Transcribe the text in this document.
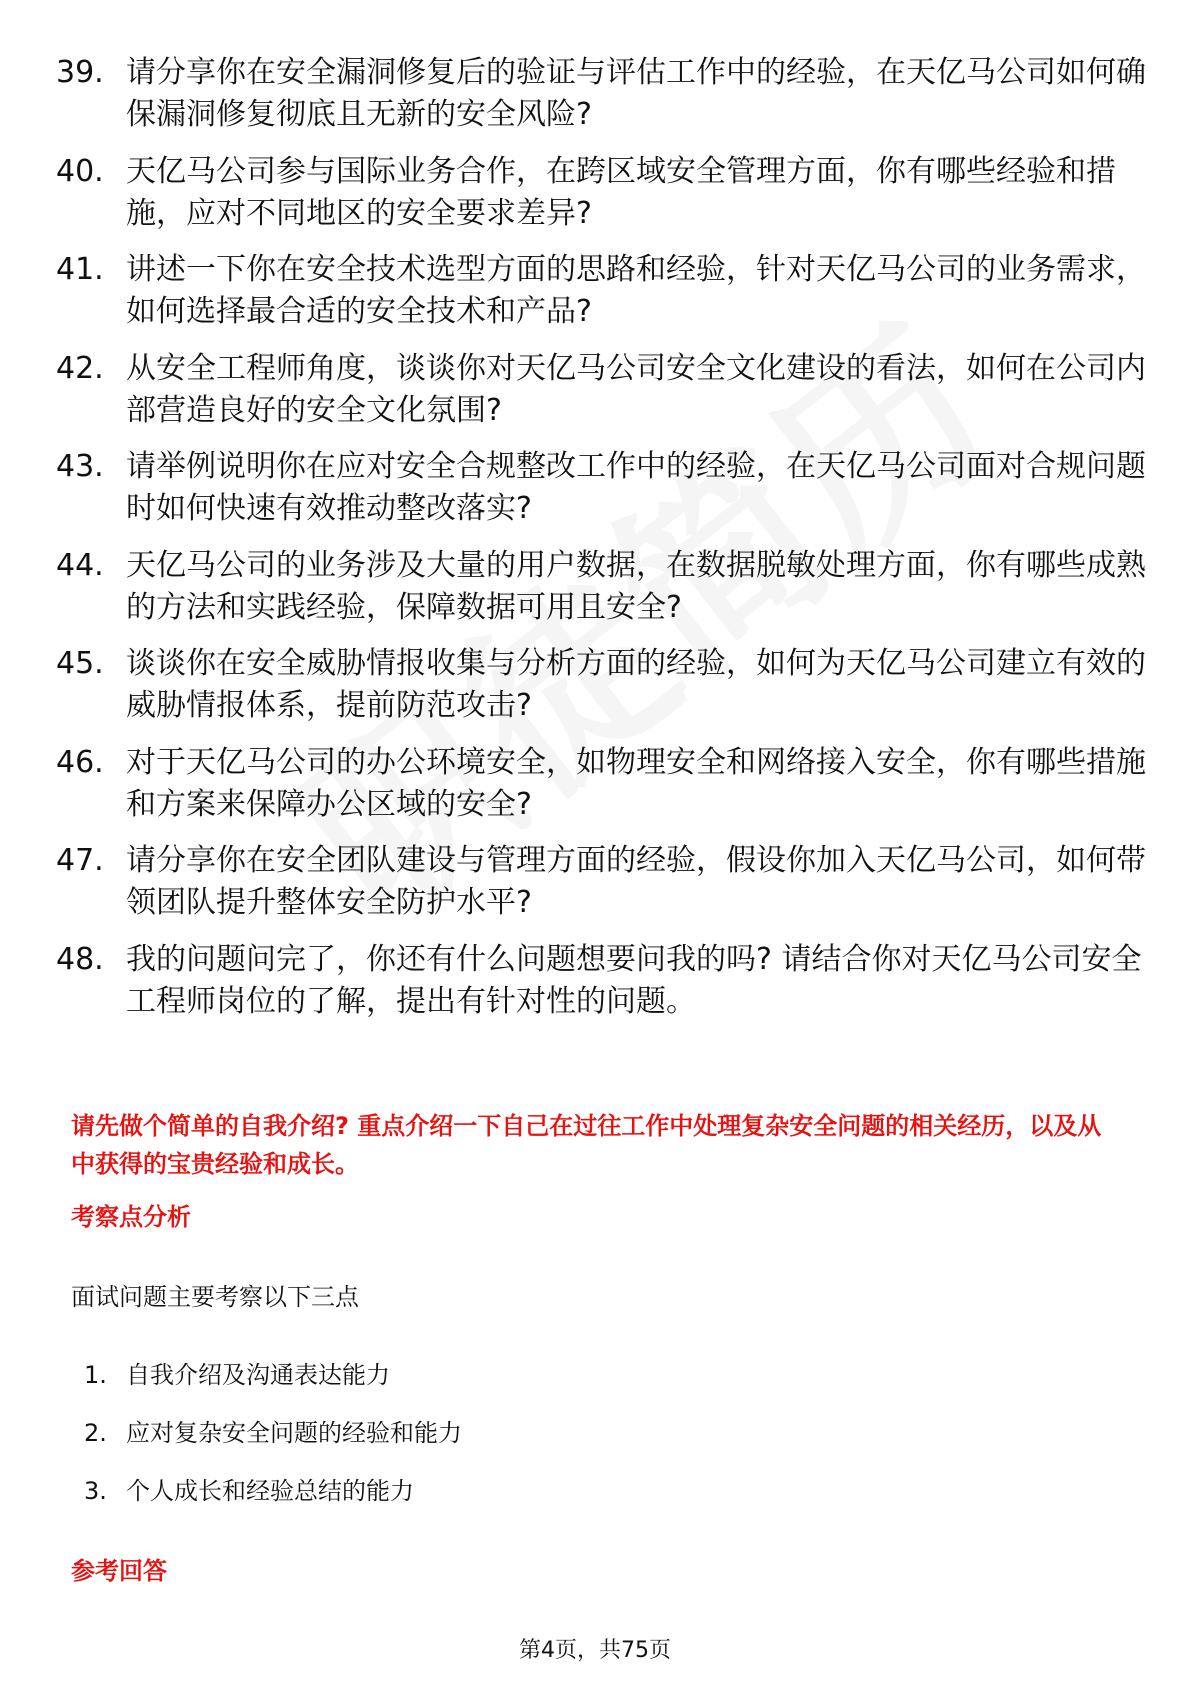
39. 请分享你在安全漏洞修复后的验证与评估工作中的经验，在天亿马公司如何确保漏洞修复彻底且无新的安全风险?
40. 天亿马公司参与国际业务合作，在跨区域安全管理方面，你有哪些经验和措施，应对不同地区的安全要求差异?
41. 讲述一下你在安全技术选型方面的思路和经验，针对天亿马公司的业务需求，如何选择最合适的安全技术和产品?
42. 从安全工程师角度，谈谈你对天亿马公司安全文化建设的看法，如何在公司内部营造良好的安全文化氛围?
43. 请举例说明你在应对安全合规整改工作中的经验，在天亿马公司面对合规问题时如何快速有效推动整改落实?
44. 天亿马公司的业务涉及大量的用户数据，在数据脱敏处理方面，你有哪些成熟的方法和实践经验，保障数据可用且安全?
45. 谈谈你在安全威胁情报收集与分析方面的经验，如何为天亿马公司建立有效的威胁情报体系，提前防范攻击?
46. 对于天亿马公司的办公环境安全，如物理安全和网络接入安全，你有哪些措施和方案来保障办公区域的安全?
47. 请分享你在安全团队建设与管理方面的经验，假设你加入天亿马公司，如何带领团队提升整体安全防护水平?
48. 我的问题问完了，你还有什么问题想要问我的吗? 请结合你对天亿马公司安全工程师岗位的了解，提出有针对性的问题。

请先做个简单的自我介绍? 重点介绍一下自己在过往工作中处理复杂安全问题的相关经历，以及从中获得的宝贵经验和成长。

考察点分析

面试问题主要考察以下三点

1. 自我介绍及沟通表达能力
2. 应对复杂安全问题的经验和能力
3. 个人成长和经验总结的能力
参考回答

第4页，共75页
